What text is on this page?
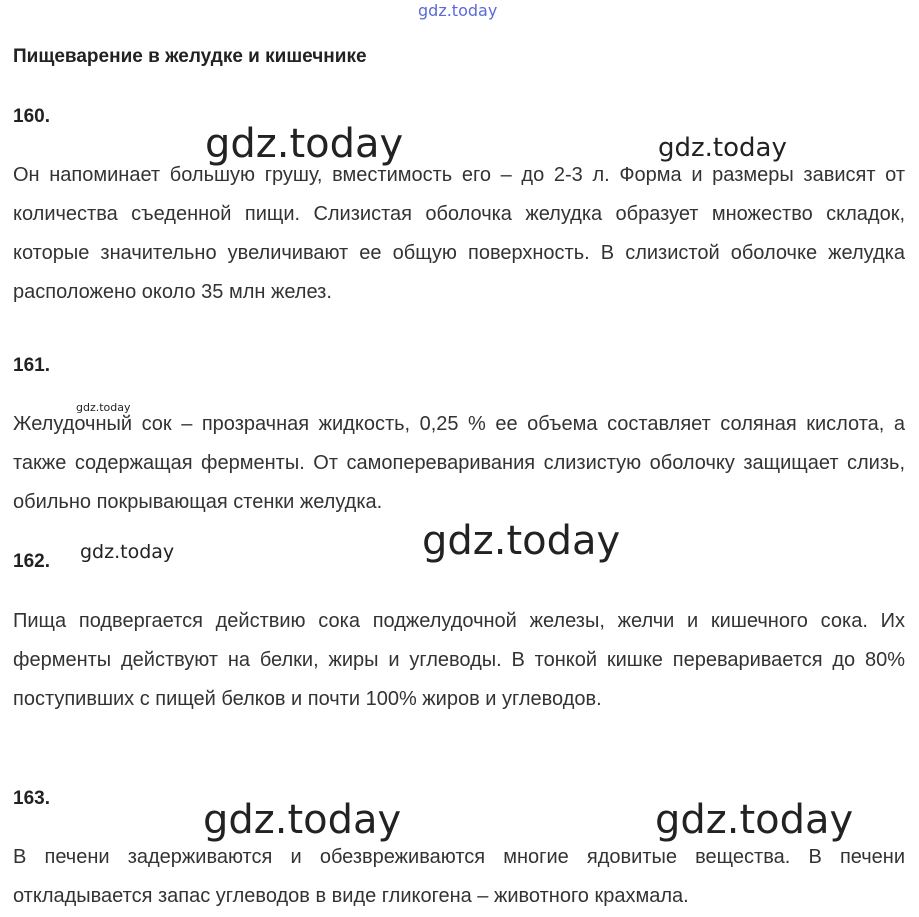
gdz.today
gdz.today	gdz.today
gdz.today
gdz.today
gdz.today
gdz.today	gdz.today
Пищеварение в желудке и кишечнике
160.
Он напоминает большую грушу, вместимость его – до 2-3 л. Форма и размеры зависят от количества съеденной пищи. Слизистая оболочка желудка образует множество складок, которые значительно увеличивают ее общую поверхность. В слизистой оболочке желудка расположено около 35 млн желез.
161.
Желудочный сок – прозрачная жидкость, 0,25 % ее объема составляет соляная кислота, а также содержащая ферменты. От самопереваривания слизистую оболочку защищает слизь, обильно покрывающая стенки желудка.
162.
Пища подвергается действию сока поджелудочной железы, желчи и кишечного сока. Их ферменты действуют на белки, жиры и углеводы. В тонкой кишке переваривается до 80% поступивших с пищей белков и почти 100% жиров и углеводов.
163.
В печени задерживаются и обезвреживаются многие ядовитые вещества. В печени откладывается запас углеводов в виде гликогена – животного крахмала.
